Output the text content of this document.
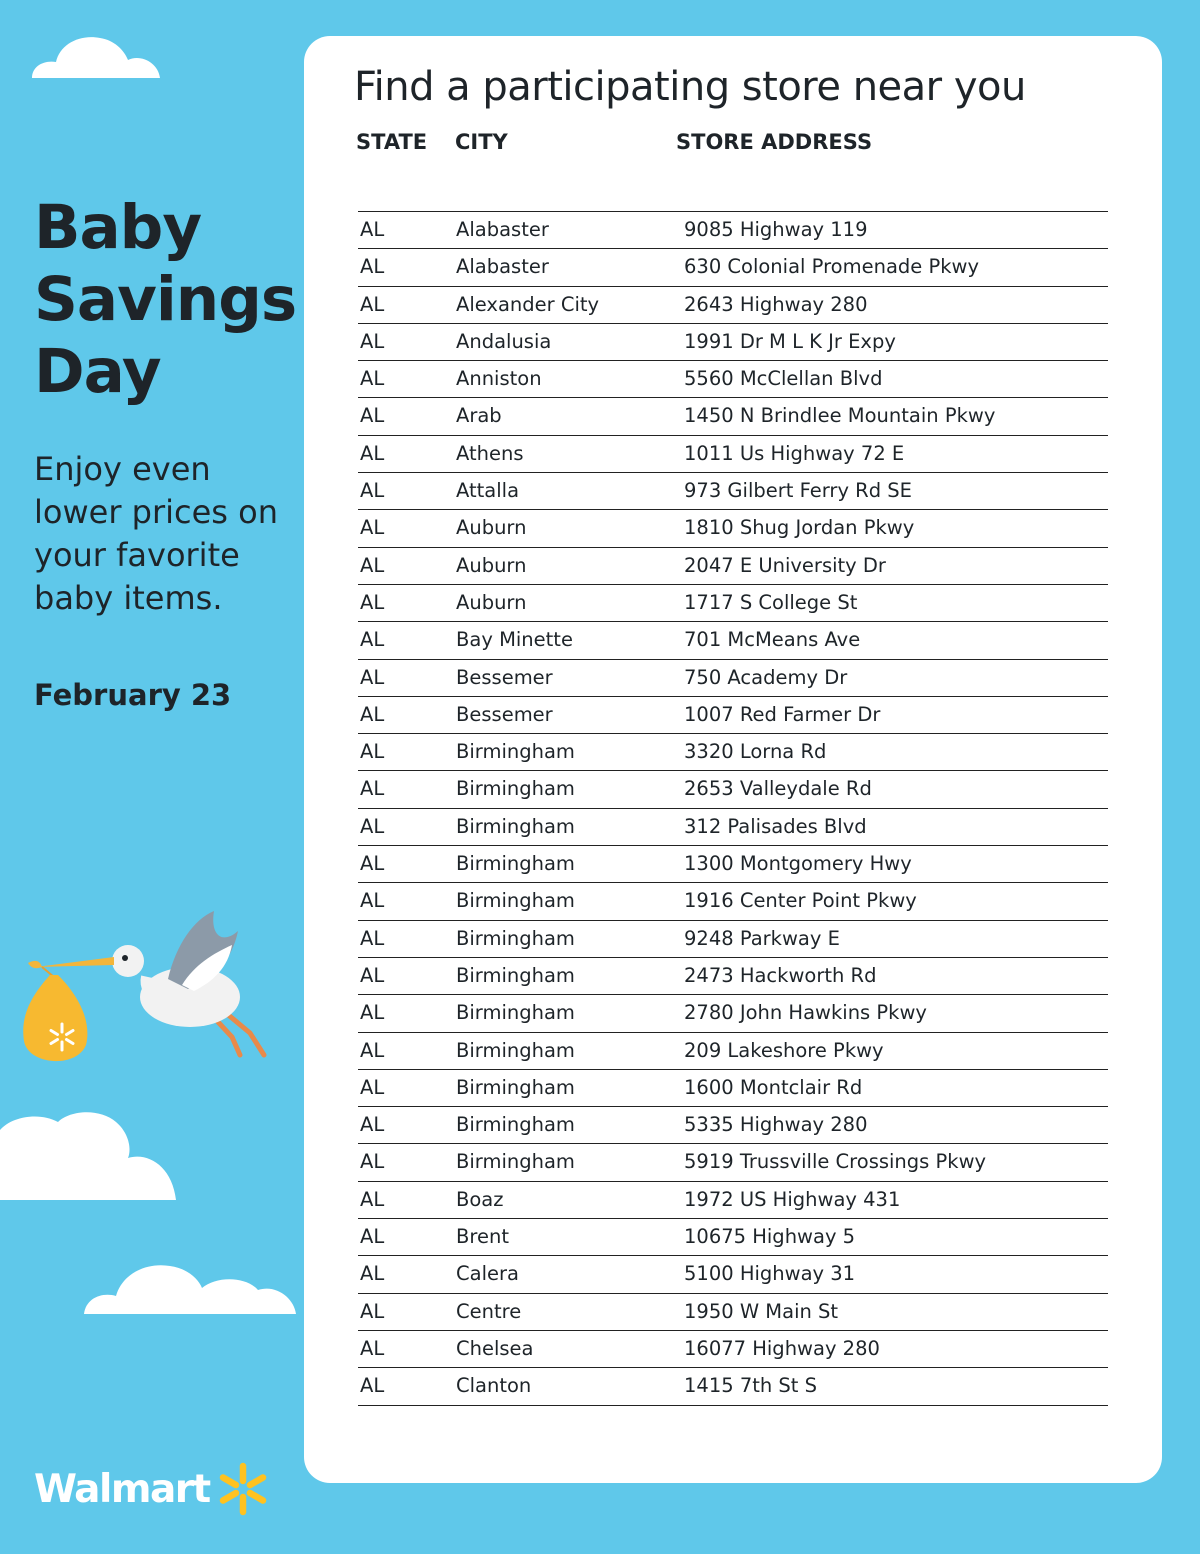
Baby
Savings
Day
Enjoy even lower prices on your favorite baby items.
February 23
Walmart
Find a participating store near you
STATE CITY	STORE ADDRESS
AL	Alabaster	9085 Highway 119
AL	Alabaster	630 Colonial Promenade Pkwy
AL	Alexander City	2643 Highway 280
AL	Andalusia	1991 Dr M L K Jr Expy
AL	Anniston	5560 McClellan Blvd
AL	Arab	1450 N Brindlee Mountain Pkwy
AL	Athens	1011 Us Highway 72 E
AL	Attalla	973 Gilbert Ferry Rd SE
AL	Auburn	1810 Shug Jordan Pkwy
AL	Auburn	2047 E University Dr
AL	Auburn	1717 S College St
AL	Bay Minette	701 McMeans Ave
AL	Bessemer	750 Academy Dr
AL	Bessemer	1007 Red Farmer Dr
AL	Birmingham	3320 Lorna Rd
AL	Birmingham	2653 Valleydale Rd
AL	Birmingham	312 Palisades Blvd
AL	Birmingham	1300 Montgomery Hwy
AL	Birmingham	1916 Center Point Pkwy
AL	Birmingham	9248 Parkway E
AL	Birmingham	2473 Hackworth Rd
AL	Birmingham	2780 John Hawkins Pkwy
AL	Birmingham	209 Lakeshore Pkwy
AL	Birmingham	1600 Montclair Rd
AL	Birmingham	5335 Highway 280
AL	Birmingham	5919 Trussville Crossings Pkwy
AL	Boaz	1972 US Highway 431
AL	Brent	10675 Highway 5
AL	Calera	5100 Highway 31
AL	Centre	1950 W Main St
AL	Chelsea	16077 Highway 280
AL	Clanton	1415 7th St S
